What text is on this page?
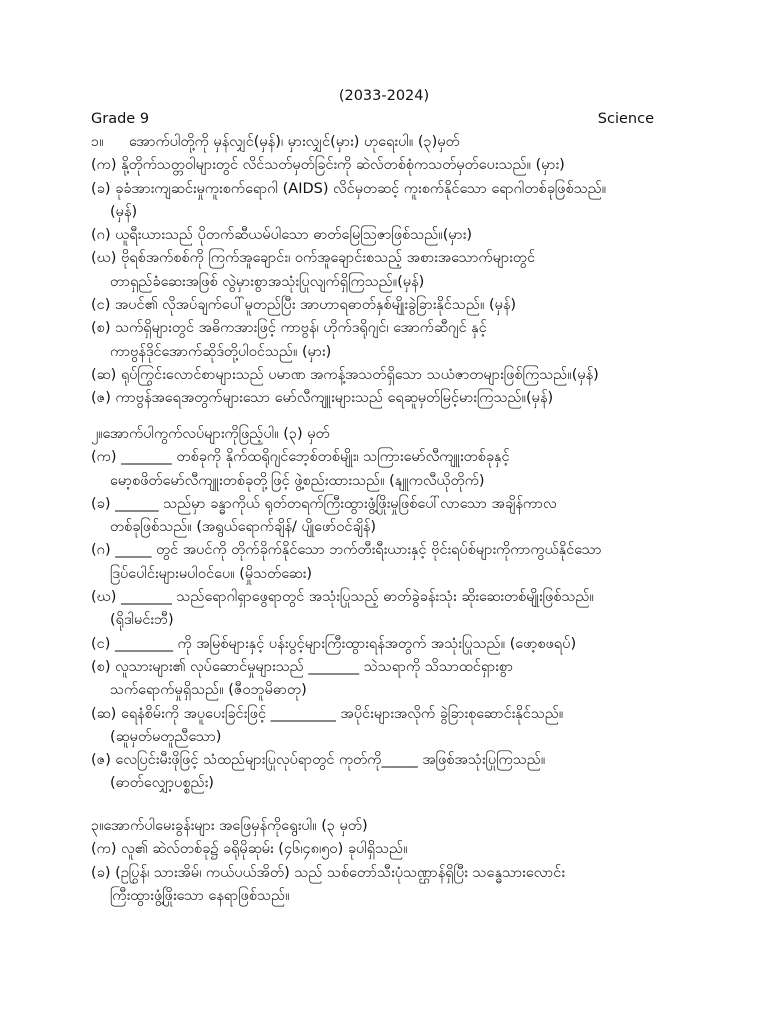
(2033-2024)
Grade 9	Science
၁။ အောက်ပါတို့ကို မှန်လျှင်(မှန်)၊ မှားလျှင်(မှား) ဟုရေးပါ။ (၃)မှတ်
(က) နို့တိုက်သတ္တဝါများတွင် လိင်သတ်မှတ်ခြင်းကို ဆဲလ်တစ်စုံကသတ်မှတ်ပေးသည်။ (မှား)
(ခ) ခုခံအားကျဆင်းမှုကူးစက်ရောဂါ (AIDS) လိင်မှတဆင့် ကူးစက်နိုင်သော ရောဂါတစ်ခုဖြစ်သည်။
(မှန်)
(ဂ) ယူရီးယားသည် ပိုတက်ဆီယမ်ပါသော ဓာတ်မြေဩဇာဖြစ်သည်။(မှား)
(ဃ) ဗိုရစ်အက်စစ်ကို ကြက်အူချောင်း၊ ဝက်အူချောင်းစသည့် အစားအသောက်များတွင်
တာရှည်ခံဆေးအဖြစ် လွဲမှားစွာအသုံးပြုလျက်ရှိကြသည်။(မှန်)
(င) အပင်၏ လိုအပ်ချက်ပေါ်မူတည်ပြီး အာဟာရဓာတ်နှစ်မျိုးခွဲခြားနိုင်သည်။ (မှန်)
(စ) သက်ရှိများတွင် အဓိကအားဖြင့် ကာဗွန်၊ ဟိုက်ဒရိုဂျင်၊ အောက်ဆီဂျင် နှင့်
ကာဗွန်ဒိုင်အောက်ဆိုဒ်တို့ပါဝင်သည်။ (မှား)
(ဆ) ရုပ်ကြွင်းလောင်စာများသည် ပမာဏ အကန့်အသတ်ရှိသော သယံဇာတများဖြစ်ကြသည်။(မှန်)
(ဇ) ကာဗွန်အရေအတွက်များသော မော်လီကျူးများသည် ရေဆူမှတ်မြင့်မားကြသည်။(မှန်)
၂။အောက်ပါကွက်လပ်များကိုဖြည့်ပါ။ (၃) မှတ်
(က) _______ တစ်ခုကို နိုက်ထရိုဂျင်ဘေ့စ်တစ်မျိုး၊ သကြားမော်လီကျူးတစ်ခုနှင့်
မော့စဖိတ်မော်လီကျူးတစ်ခုတို့ဖြင့် ဖွဲ့စည်းထားသည်။ (နျူကလီယိုတိုက်)
(ခ) ______ သည်မှာ ခန္ဓာကိုယ် ရုတ်တရက်ကြီးထွားဖွံ့ဖြိုးမှုဖြစ်ပေါ်လာသော အချိန်ကာလ
တစ်ခုဖြစ်သည်။ (အရွယ်ရောက်ချိန်/ ပျိုဖော်ဝင်ချိန်)
(ဂ) _____ တွင် အပင်ကို တိုက်ခိုက်နိုင်သော ဘက်တီးရီးယားနှင့် ဗိုင်းရပ်စ်များကိုကာကွယ်နိုင်သော
ဒြပ်ပေါင်းများမပါဝင်ပေ။ (မှိုသတ်ဆေး)
(ဃ) _______ သည်ရောဂါရှာဖွေရာတွင် အသုံးပြုသည့် ဓာတ်ခွဲခန်းသုံး ဆိုးဆေးတစ်မျိုးဖြစ်သည်။
(ရိုဒါမင်းဘီ)
(င) ________ ကို အမြစ်များနှင့် ပန်းပွင့်များကြီးထွားရန်အတွက် အသုံးပြုသည်။ (ဖော့စဖရပ်)
(စ) လူသားများ၏ လုပ်ဆောင်မှုများသည် _______ သဲသရာကို သိသာထင်ရှားစွာ
သက်ရောက်မှုရှိသည်။ (ဇီဝဘူမိဓာတု)
(ဆ) ရေနံစိမ်းကို အပူပေးခြင်းဖြင့် _________ အပိုင်းများအလိုက် ခွဲခြားစုဆောင်းနိုင်သည်။
(ဆူမှတ်မတူညီသော)
(ဇ) လေပြင်းမီးဖိုဖြင့် သံထည်များပြုလုပ်ရာတွင် ကုတ်ကို_____ အဖြစ်အသုံးပြုကြသည်။
(ဓာတ်လျှော့ပစ္စည်း)
၃။အောက်ပါမေးခွန်းများ အဖြေမှန်ကိုရွေးပါ။ (၃ မှတ်)
(က) လူ၏ ဆဲလ်တစ်ခု၌ ခရိုမိုဆုမ်း (၄၆၊၄၈၊၅၀) ခုပါရှိသည်။
(ခ) (ဥပြွန်၊ သားအိမ်၊ ကယ်ပယ်အိတ်) သည် သစ်တော်သီးပုံသဏ္ဌာန်ရှိပြီး သန္ဓေသားလောင်း
ကြီးထွားဖွံ့ဖြိုးသော နေရာဖြစ်သည်။
